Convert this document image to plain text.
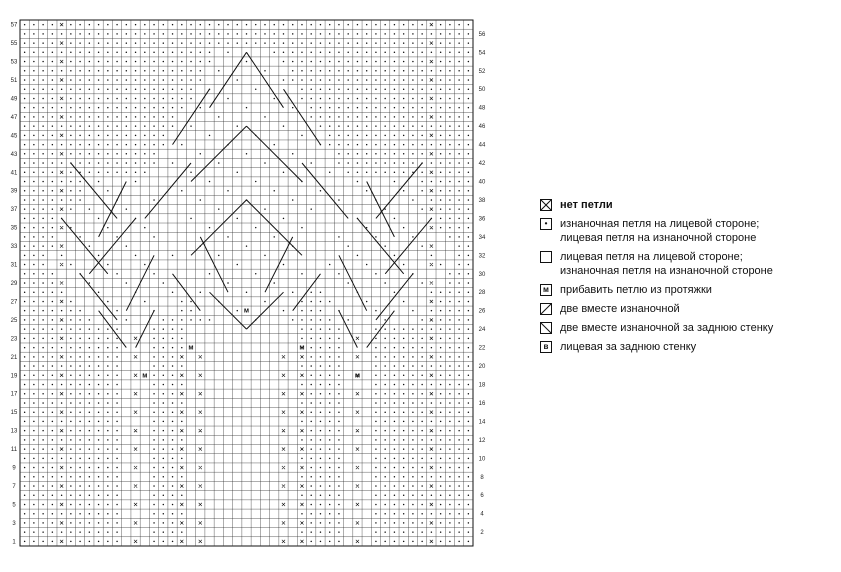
м
м	м
м
м
57
55
53
51
49
47
45
43
41
39
37
35
33
31
29
27
25
23
21
19
17
15
13
11
9
7
5
3
1
56
54
52
50
48
46
44
42
40
38
36
34
32
30
28
26
24
22
20
18
16
14
12
10
8
6
4
2
нет петли
•	изнаночная петля на лицевой стороне;
лицевая петля на изнаночной стороне
лицевая петля на лицевой стороне;
изнаночная петля на изнаночной стороне
м прибавить петлю из протяжки
две вместе изнаночной
две вместе изнаночной за заднюю стенку
в	лицевая за заднюю стенку
